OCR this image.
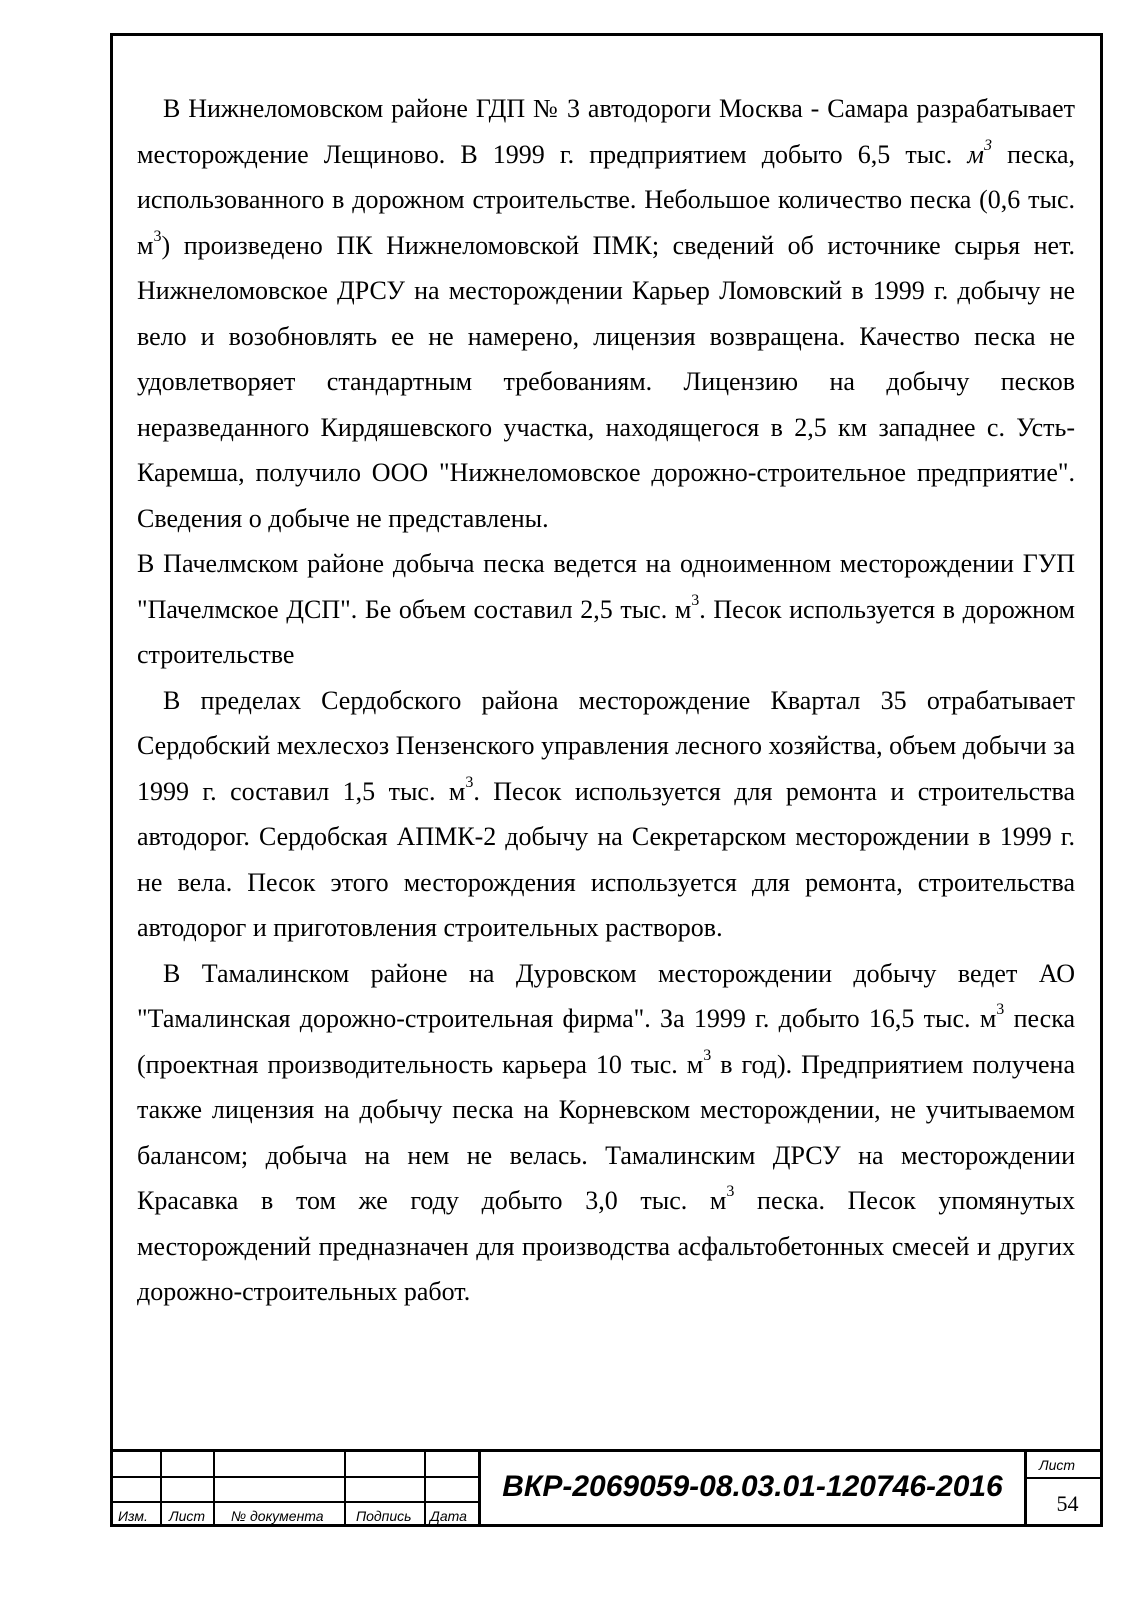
В Нижнеломовском районе ГДП № 3 автодороги Москва - Самара разрабатывает месторождение Лещиново. В 1999 г. предприятием добыто 6,5 тыс. $м^3$ песка, использованного в дорожном строительстве. Небольшое количество песка (0,6 тыс. $м^3$) произведено ПК Нижнеломовской ПМК; сведений об источнике сырья нет. Нижнеломовское ДРСУ на месторождении Карьер Ломовский в 1999 г. добычу не вело и возобновлять ее не намерено, лицензия возвращена. Качество песка не удовлетворяет стандартным требованиям. Лицензию на добычу песков неразведанного Кирдяшевского участка, находящегося в 2,5 км западнее с. Усть-Каремша, получило ООО "Нижнеломовское дорожно-строительное предприятие". Сведения о добыче не представлены.

В Пачелмском районе добыча песка ведется на одноименном месторождении ГУП "Пачелмское ДСП". Бе объем составил 2,5 тыс. $м^3$. Песок используется в дорожном строительстве

В пределах Сердобского района месторождение Квартал 35 отрабатывает Сердобский мехлесхоз Пензенского управления лесного хозяйства, объем добычи за 1999 г. составил 1,5 тыс. $м^3$. Песок используется для ремонта и строительства автодорог. Сердобская АПМК-2 добычу на Секретарском месторождении в 1999 г. не вела. Песок этого месторождения используется для ремонта, строительства автодорог и приготовления строительных растворов.

В Тамалинском районе на Дуровском месторождении добычу ведет АО "Тамалинская дорожно-строительная фирма". За 1999 г. добыто 16,5 тыс. $м^3$ песка (проектная производительность карьера 10 тыс. $м^3$ в год). Предприятием получена также лицензия на добычу песка на Корневском месторождении, не учитываемом балансом; добыча на нем не велась. Тамалинским ДРСУ на месторождении Красавка в том же году добыто 3,0 тыс. $м^3$ песка. Песок упомянутых месторождений предназначен для производства асфальтобетонных смесей и других дорожно-строительных работ.

Изм. Лист № документа Подпись Дата
Лист
ВКР-2069059-08.03.01-120746-2016
54
